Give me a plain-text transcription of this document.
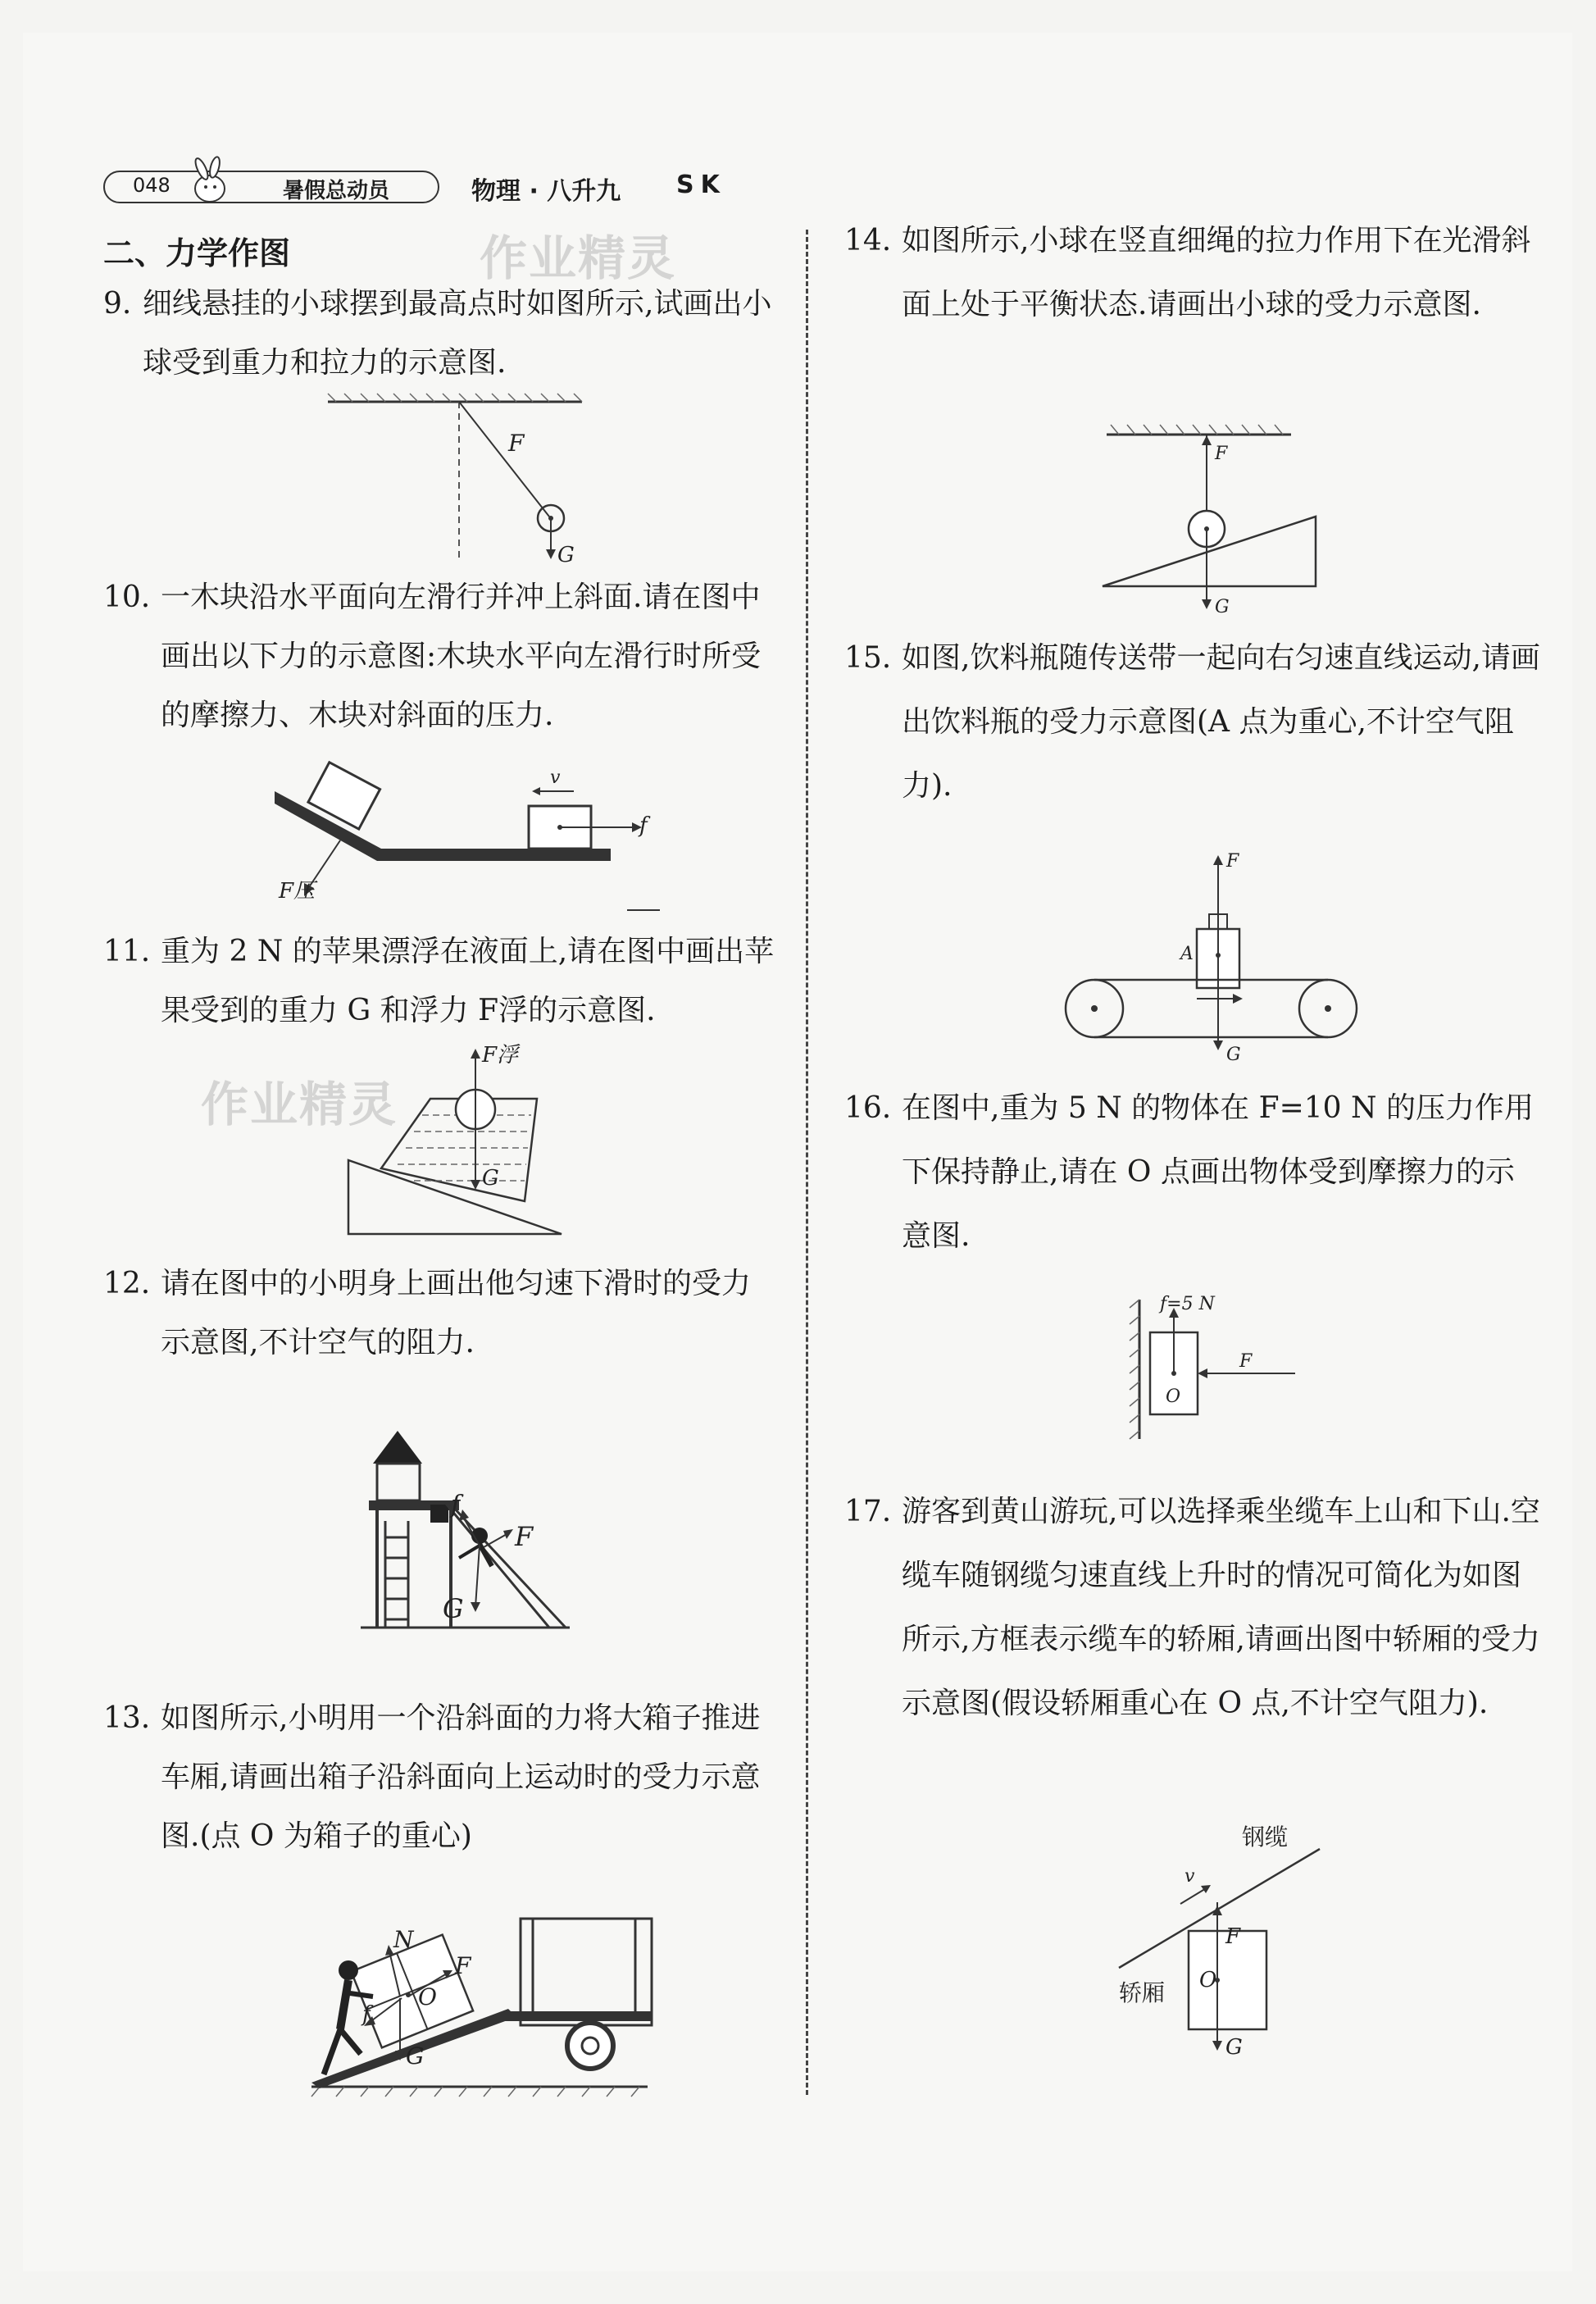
048	暑假总动员	物理 · 八升九 SK
二、力学作图	作业精灵
作业精灵
9. 细线悬挂的小球摆到最高点时如图所示,试画出小球受到重力和拉力的示意图.
F
G
10. 一木块沿水平面向左滑行并冲上斜面.请在图中画出以下力的示意图:木块水平向左滑行时所受的摩擦力、木块对斜面的压力.
v
f
F压
11. 重为 2 N 的苹果漂浮在液面上,请在图中画出苹果受到的重力 G 和浮力 F浮的示意图.
F浮
G
12. 请在图中的小明身上画出他匀速下滑时的受力示意图,不计空气的阻力.
f
F
G
13. 如图所示,小明用一个沿斜面的力将大箱子推进车厢,请画出箱子沿斜面向上运动时的受力示意图.(点 O 为箱子的重心)
N
F
O
f
G
14. 如图所示,小球在竖直细绳的拉力作用下在光滑斜面上处于平衡状态.请画出小球的受力示意图.
F
G
15. 如图,饮料瓶随传送带一起向右匀速直线运动,请画出饮料瓶的受力示意图(A 点为重心,不计空气阻力).
F
A
G
16. 在图中,重为 5 N 的物体在 F=10 N 的压力作用下保持静止,请在 O 点画出物体受到摩擦力的示意图.
f=5 N
F
O
17. 游客到黄山游玩,可以选择乘坐缆车上山和下山.空缆车随钢缆匀速直线上升时的情况可简化为如图所示,方框表示缆车的轿厢,请画出图中轿厢的受力示意图(假设轿厢重心在 O 点,不计空气阻力).
v
钢缆
F
轿厢 O
G
